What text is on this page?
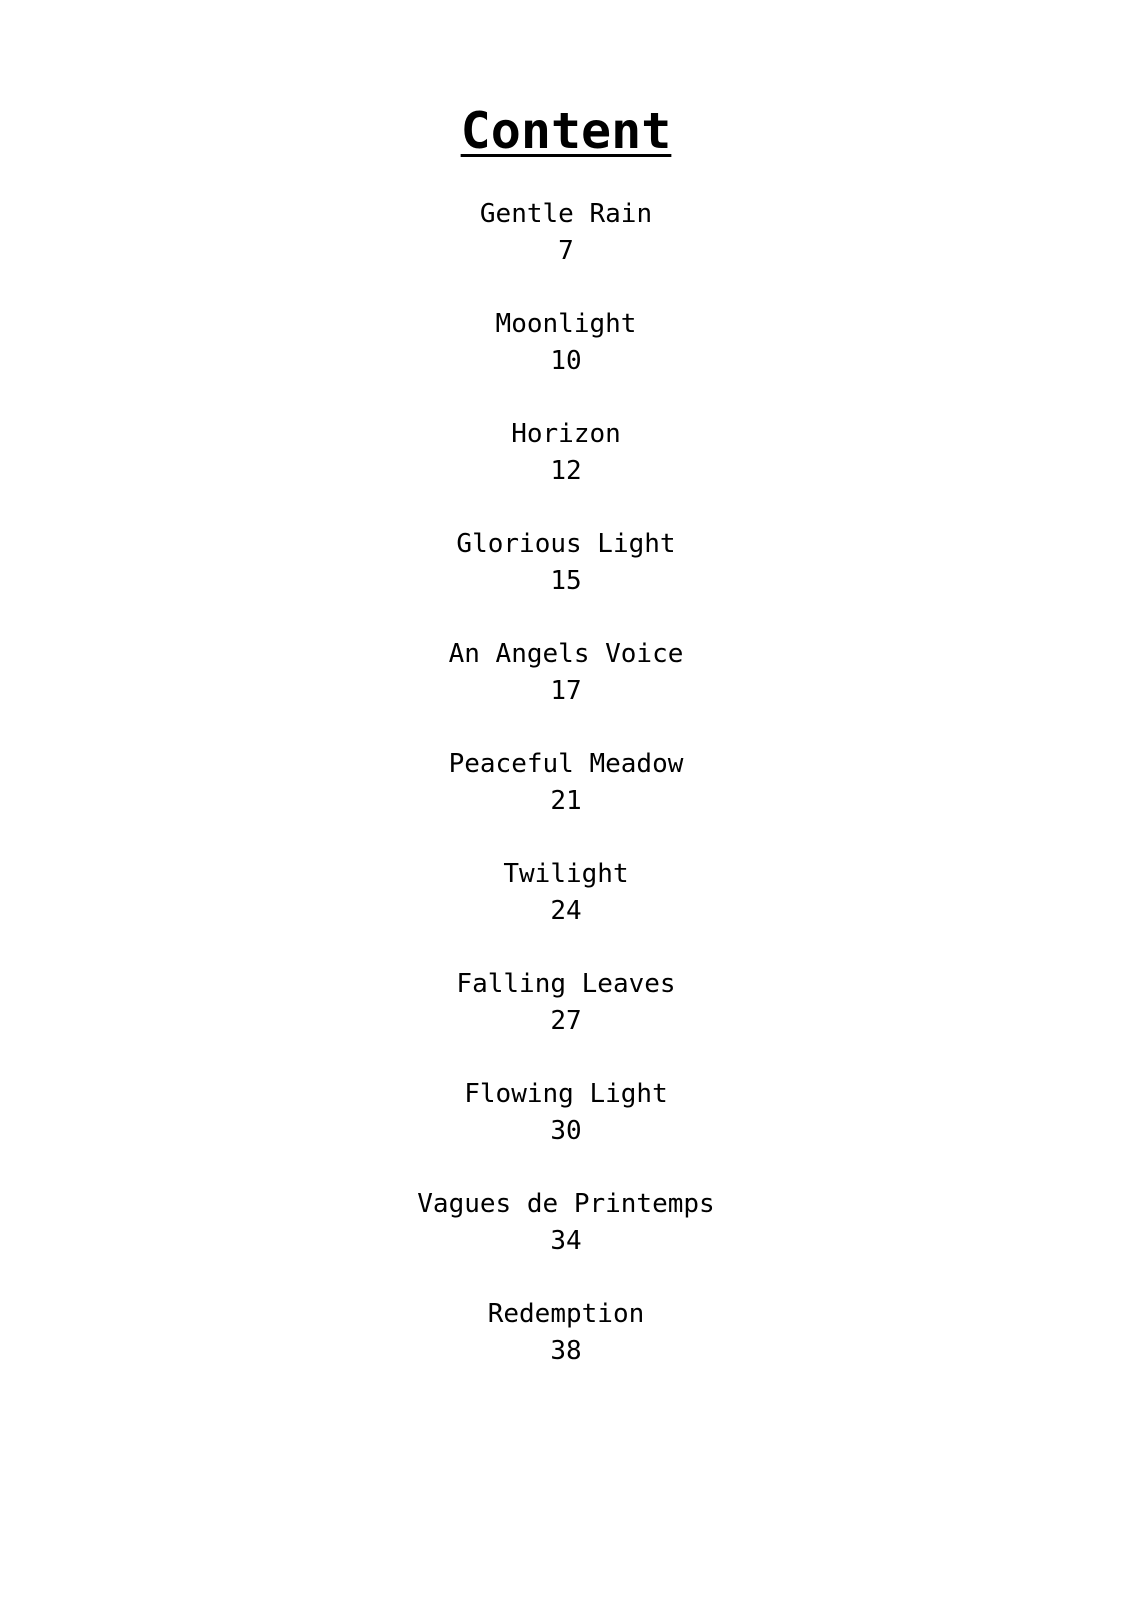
Content
Gentle Rain
7
Moonlight
10
Horizon
12
Glorious Light
15
An Angels Voice
17
Peaceful Meadow
21
Twilight
24
Falling Leaves
27
Flowing Light
30
Vagues de Printemps
34
Redemption
38
